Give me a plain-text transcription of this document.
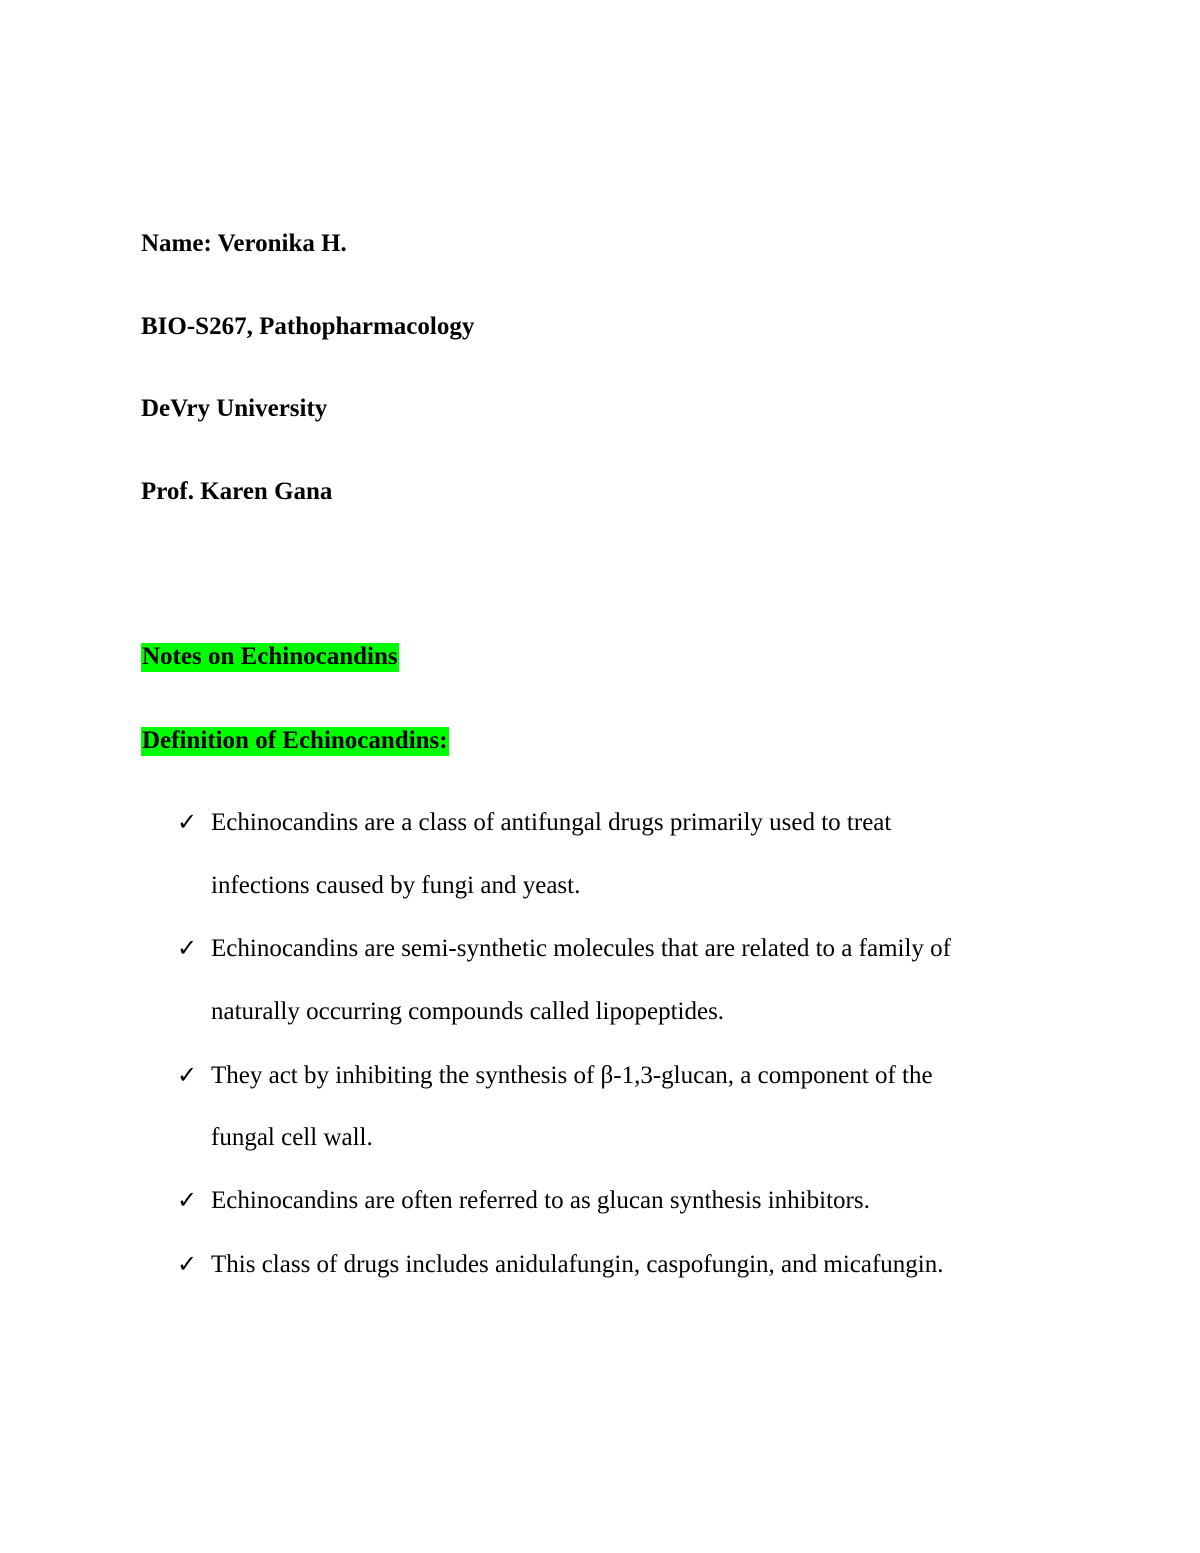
Name: Veronika H.
BIO-S267, Pathopharmacology
DeVry University
Prof. Karen Gana
Notes on Echinocandins
Definition of Echinocandins:
✓ Echinocandins are a class of antifungal drugs primarily used to treat
infections caused by fungi and yeast.
✓ Echinocandins are semi-synthetic molecules that are related to a family of
naturally occurring compounds called lipopeptides.
✓ They act by inhibiting the synthesis of β-1,3-glucan, a component of the
fungal cell wall.
✓ Echinocandins are often referred to as glucan synthesis inhibitors.
✓ This class of drugs includes anidulafungin, caspofungin, and micafungin.
